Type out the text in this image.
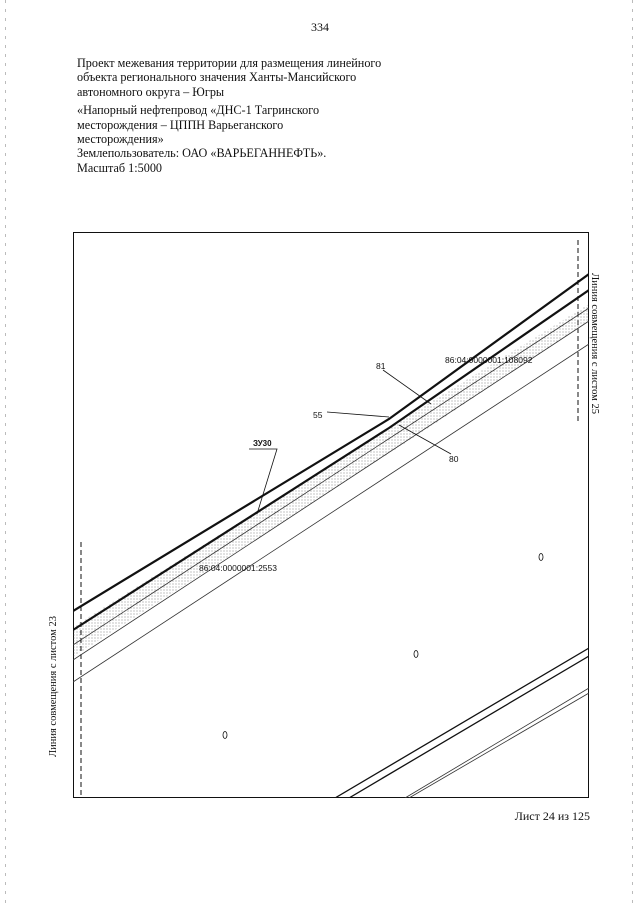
334
Проект межевания территории для размещения линейного
объекта регионального значения Ханты-Мансийского
автономного округа – Югры
«Напорный нефтепровод «ДНС-1 Тагринского
месторождения – ЦППН Варьеганского
месторождения»
Землепользователь: ОАО «ВАРЬЕГАННЕФТЬ».
Масштаб 1:5000
ЗУ30
55
81
80
86:04:0000001:108092
86:04:0000001:2553
Линия совмещения с листом 23
Линия совмещения с листом 25
Лист 24 из 125
